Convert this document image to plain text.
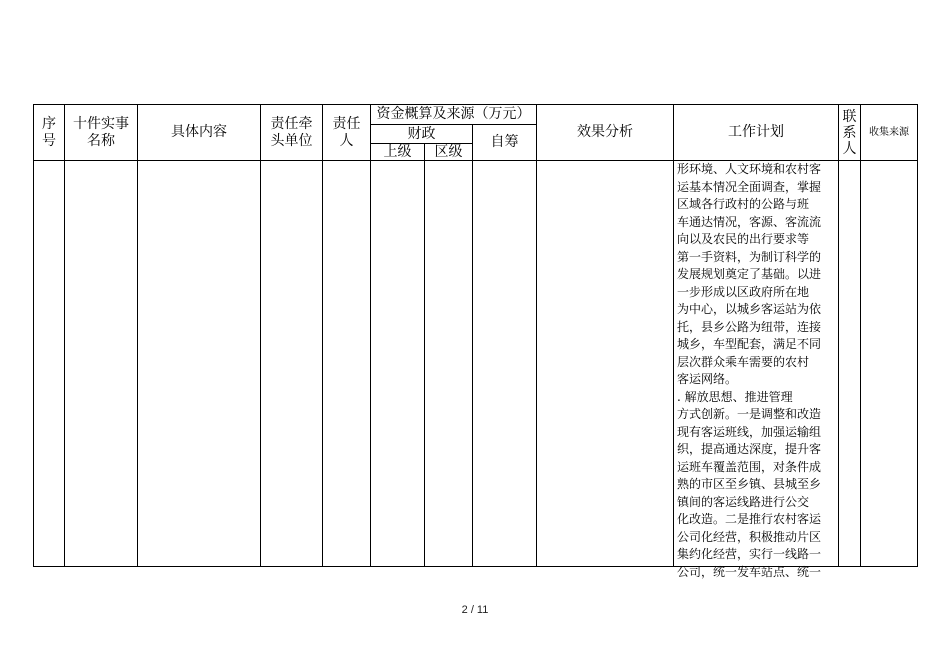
序
号
十件实事
名称
具体内容
责任牵
头单位
责任
人
资金概算及来源（万元）
财政
上级	区级
自筹
效果分析	工作计划
联
系
人
收集来源
形环境、人文环境和农村客
运基本情况全面调查，掌握
区域各行政村的公路与班
车通达情况，客源、客流流
向以及农民的出行要求等
第一手资料，为制订科学的
发展规划奠定了基础。以进
一步形成以区政府所在地
为中心，以城乡客运站为依
托，县乡公路为纽带，连接
城乡，车型配套，满足不同
层次群众乘车需要的农村
客运网络。
. 解放思想、推进管理
方式创新。一是调整和改造
现有客运班线，加强运输组
织，提高通达深度，提升客
运班车覆盖范围，对条件成
熟的市区至乡镇、县城至乡
镇间的客运线路进行公交
化改造。二是推行农村客运
公司化经营，积极推动片区
集约化经营，实行一线路一
公司，统一发车站点、统一
2 / 11
